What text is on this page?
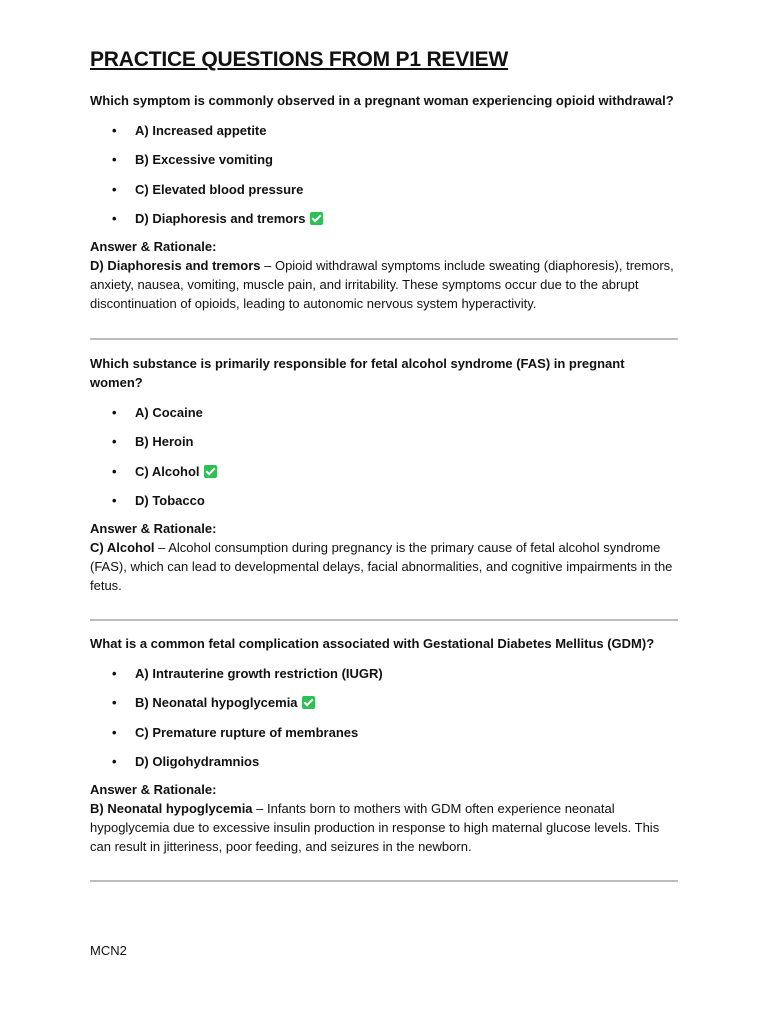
PRACTICE QUESTIONS FROM P1 REVIEW

Which symptom is commonly observed in a pregnant woman experiencing opioid withdrawal?

• A) Increased appetite
• B) Excessive vomiting
• C) Elevated blood pressure
• D) Diaphoresis and tremors
Answer & Rationale:

D) Diaphoresis and tremors – Opioid withdrawal symptoms include sweating (diaphoresis), tremors, anxiety, nausea, vomiting, muscle pain, and irritability. These symptoms occur due to the abrupt discontinuation of opioids, leading to autonomic nervous system hyperactivity.

Which substance is primarily responsible for fetal alcohol syndrome (FAS) in pregnant women?

• A) Cocaine
• B) Heroin
• C) Alcohol
• D) Tobacco
Answer & Rationale:

C) Alcohol – Alcohol consumption during pregnancy is the primary cause of fetal alcohol syndrome (FAS), which can lead to developmental delays, facial abnormalities, and cognitive impairments in the fetus.

What is a common fetal complication associated with Gestational Diabetes Mellitus (GDM)?

• A) Intrauterine growth restriction (IUGR)
• B) Neonatal hypoglycemia
• C) Premature rupture of membranes
• D) Oligohydramnios
Answer & Rationale:

B) Neonatal hypoglycemia – Infants born to mothers with GDM often experience neonatal hypoglycemia due to excessive insulin production in response to high maternal glucose levels. This can result in jitteriness, poor feeding, and seizures in the newborn.

MCN2
